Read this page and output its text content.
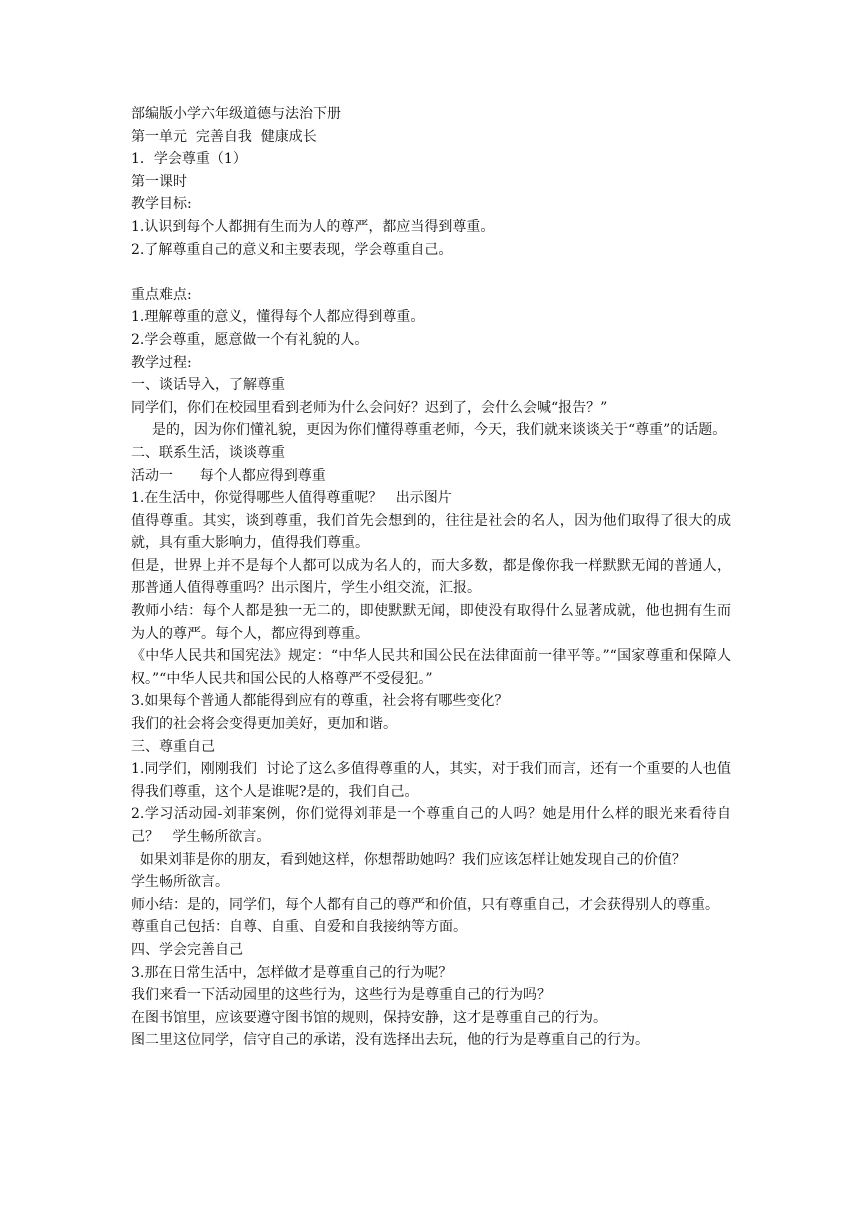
部编版小学六年级道德与法治下册

第一单元  完善自我  健康成长

1．学会尊重（1）

第一课时

教学目标:

1.认识到每个人都拥有生而为人的尊严，都应当得到尊重。

2.了解尊重自己的意义和主要表现，学会尊重自己。

重点难点:

1.理解尊重的意义，懂得每个人都应得到尊重。

2.学会尊重，愿意做一个有礼貌的人。

教学过程:

一、谈话导入，了解尊重

同学们，你们在校园里看到老师为什么会问好？迟到了，会什么会喊“报告？”

是的，因为你们懂礼貌，更因为你们懂得尊重老师，今天，我们就来谈谈关于“尊重”的话题。

二、联系生活，谈谈尊重

活动一      每个人都应得到尊重

1.在生活中，你觉得哪些人值得尊重呢？   出示图片

值得尊重。其实，谈到尊重，我们首先会想到的，往往是社会的名人，因为他们取得了很大的成就，具有重大影响力，值得我们尊重。

但是，世界上并不是每个人都可以成为名人的，而大多数，都是像你我一样默默无闻的普通人，那普通人值得尊重吗？出示图片，学生小组交流，汇报。

教师小结：每个人都是独一无二的，即使默默无闻，即使没有取得什么显著成就，他也拥有生而为人的尊严。每个人，都应得到尊重。

《中华人民共和国宪法》规定：“中华人民共和国公民在法律面前一律平等。”“国家尊重和保障人权。”“中华人民共和国公民的人格尊严不受侵犯。”

3.如果每个普通人都能得到应有的尊重，社会将有哪些变化？

我们的社会将会变得更加美好，更加和谐。

三、尊重自己

1.同学们，刚刚我们  讨论了这么多值得尊重的人，其实，对于我们而言，还有一个重要的人也值得我们尊重，这个人是谁呢?是的，我们自己。

2.学习活动园-刘菲案例，你们觉得刘菲是一个尊重自己的人吗？她是用什么样的眼光来看待自己？   学生畅所欲言。

如果刘菲是你的朋友，看到她这样，你想帮助她吗？我们应该怎样让她发现自己的价值？

学生畅所欲言。

师小结：是的，同学们，每个人都有自己的尊严和价值，只有尊重自己，才会获得别人的尊重。

尊重自己包括：自尊、自重、自爱和自我接纳等方面。

四、学会完善自己

3.那在日常生活中，怎样做才是尊重自己的行为呢？

我们来看一下活动园里的这些行为，这些行为是尊重自己的行为吗？

在图书馆里，应该要遵守图书馆的规则，保持安静，这才是尊重自己的行为。

图二里这位同学，信守自己的承诺，没有选择出去玩，他的行为是尊重自己的行为。
